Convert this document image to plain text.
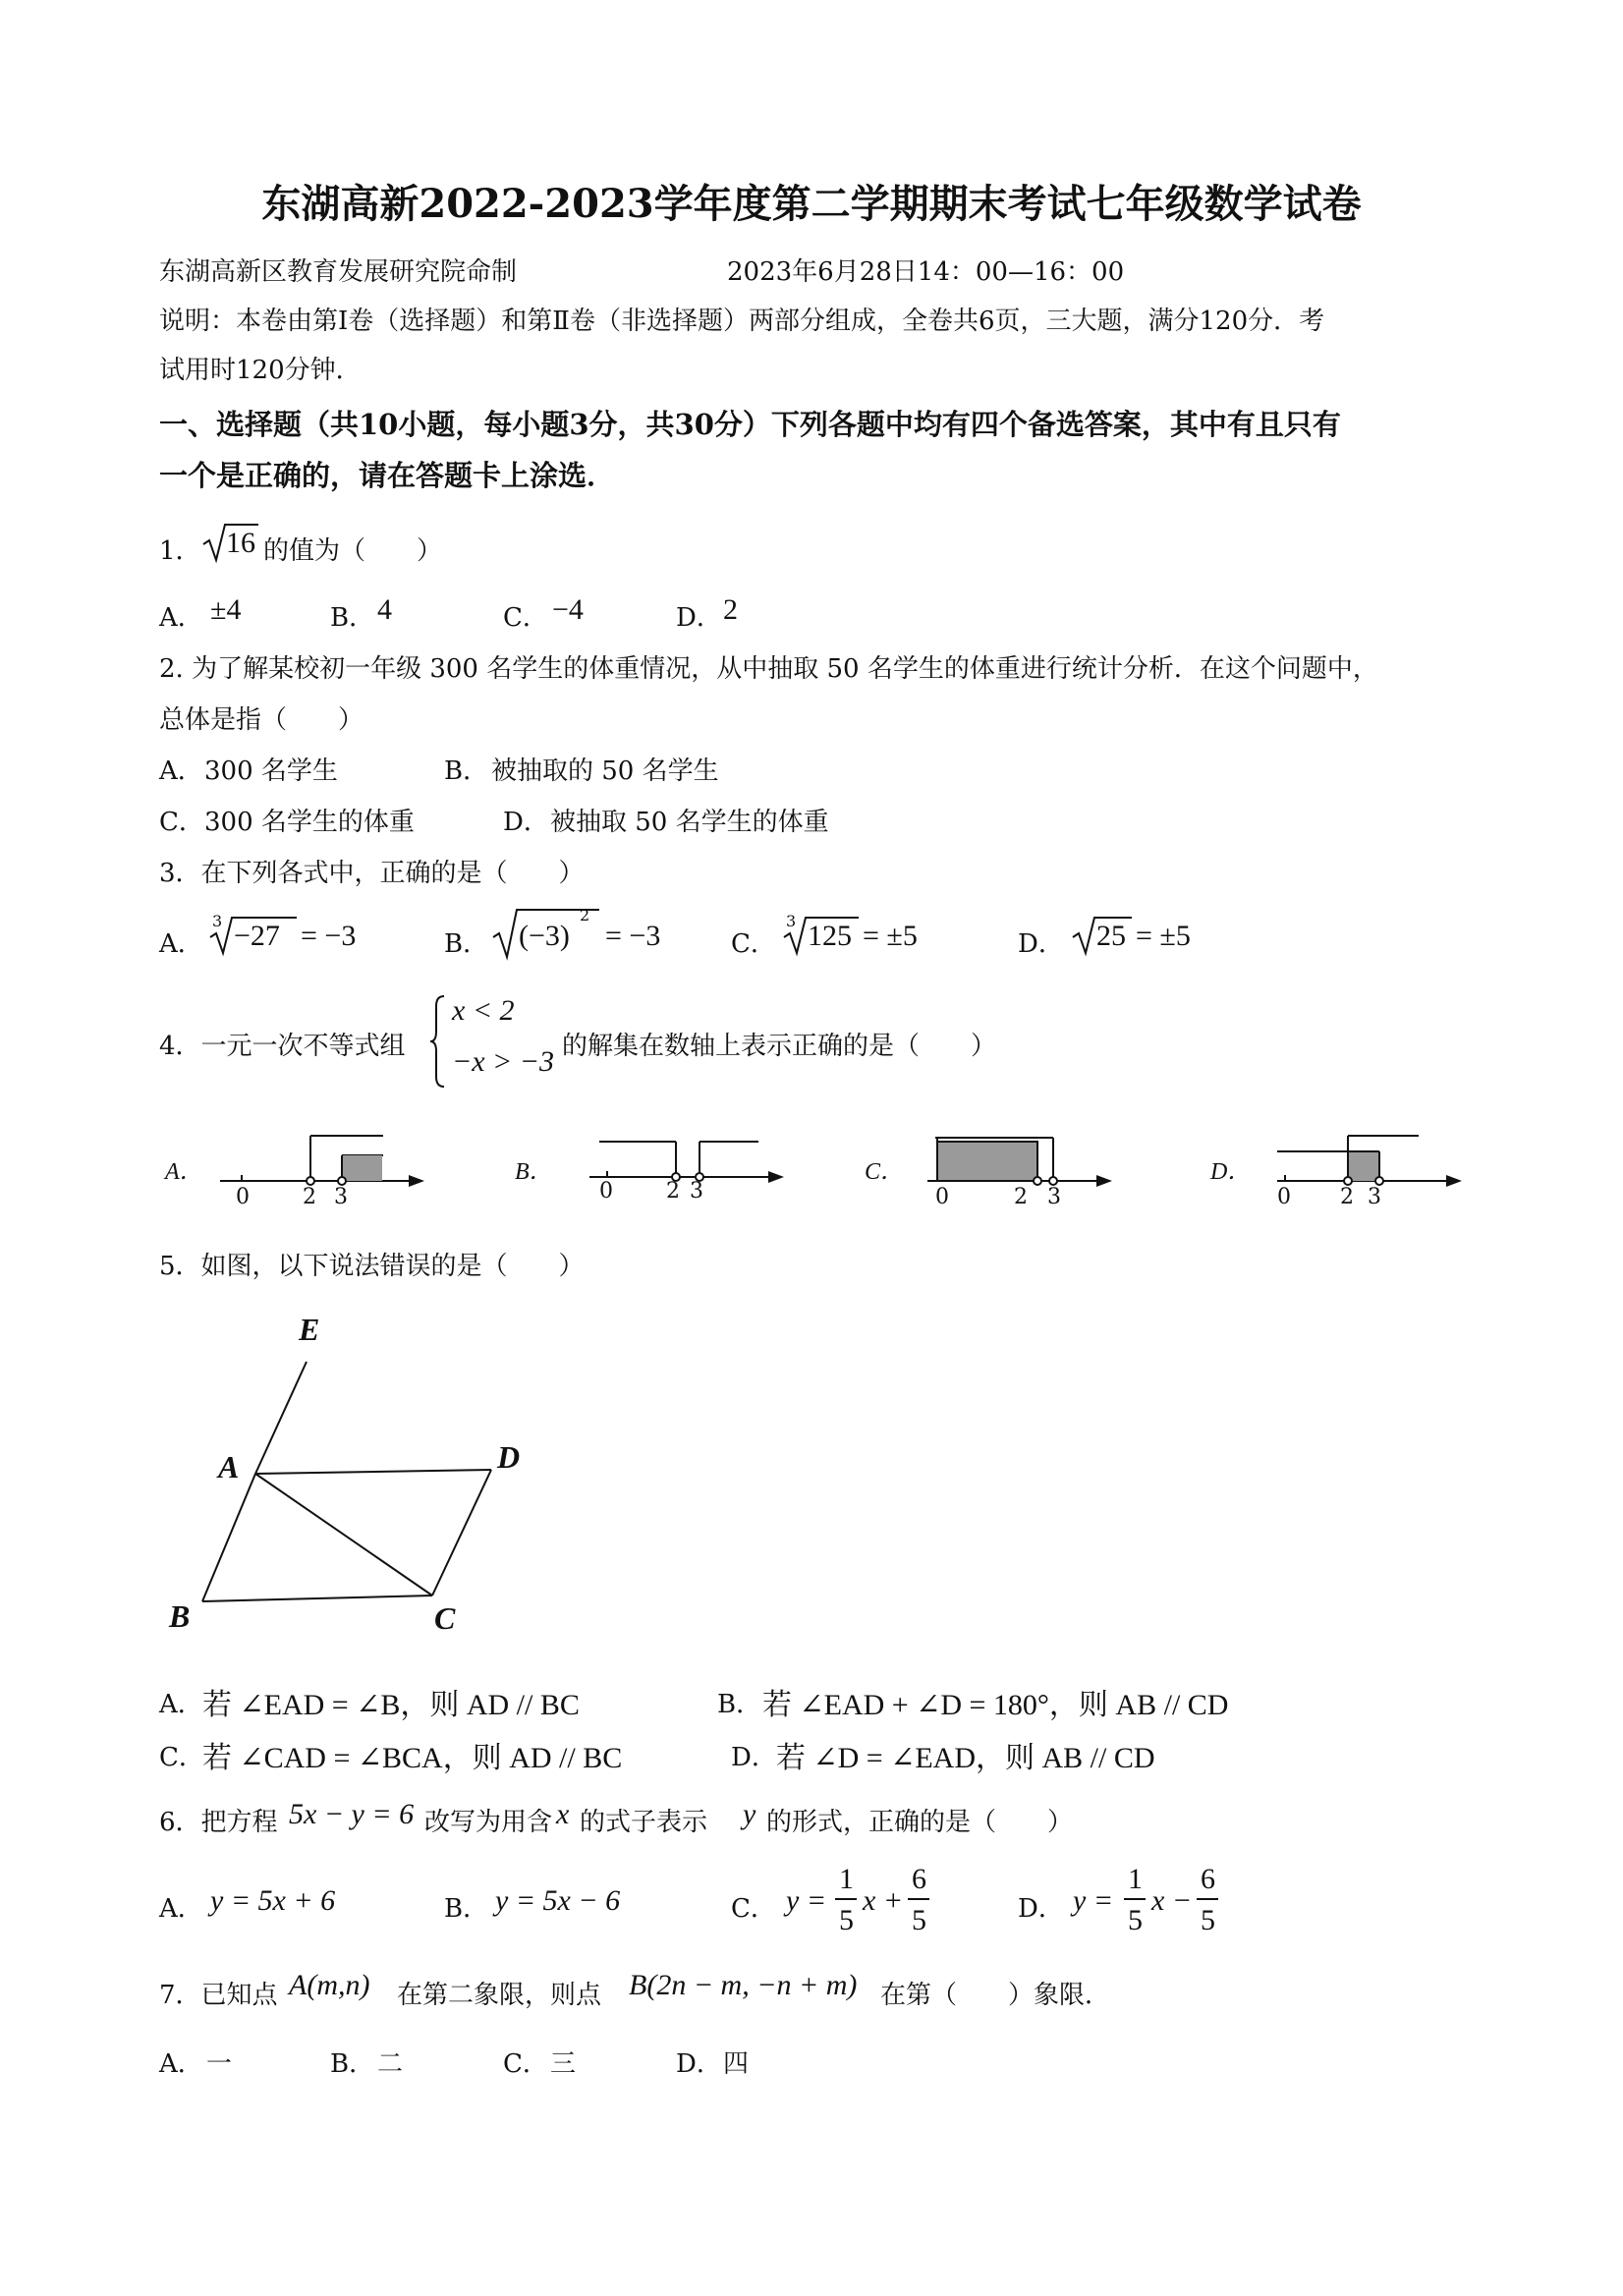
东湖高新2022-2023学年度第二学期期末考试七年级数学试卷
东湖高新区教育发展研究院命制	2023年6月28日14：00—16：00
说明：本卷由第Ⅰ卷（选择题）和第Ⅱ卷（非选择题）两部分组成，全卷共6页，三大题，满分120分．考
试用时120分钟．
一、选择题（共10小题，每小题3分，共30分）下列各题中均有四个备选答案，其中有且只有
一个是正确的，请在答题卡上涂选．
1． 16 的值为（　　）
A． ±4	B． 4	C． −4	D． 2
2. 为了解某校初一年级 300 名学生的体重情况，从中抽取 50 名学生的体重进行统计分析．在这个问题中，
总体是指（　　）
A． 300 名学生	B． 被抽取的 50 名学生
C． 300 名学生的体重	D． 被抽取 50 名学生的体重
3．在下列各式中，正确的是（　　）
A．
3 −27 = −3	B． (−3)
2
= −3	C．
3 125 = ±5	D． 25 = ±5
4．一元一次不等式组
x < 2
−x > −3 的解集在数轴上表示正确的是（　　）
A．
0 2 3
B．
0 2 3
C．
0	2 3
D．
0 2 3
5．如图，以下说法错误的是（　　）
E
A	D
B	C
A． 若 ∠EAD = ∠B，则 AD // BC	B． 若 ∠EAD + ∠D = 180°，则 AB // CD
C．
若 ∠CAD = ∠BCA，则 AD // BC	D． 若 ∠D = ∠EAD，则 AB // CD
6．把方程 5x − y = 6 改写为用含 x 的式子表示 y 的形式，正确的是（　　）
A． y = 5x + 6	B． y = 5x − 6	C． y =
1
5
x +
6
5	D． y =
1
5
x −
6
5
7．已知点 A(m,n) 在第二象限，则点 B(2n − m, −n + m) 在第（　　）象限．
A． 一	B． 二	C． 三	D． 四
